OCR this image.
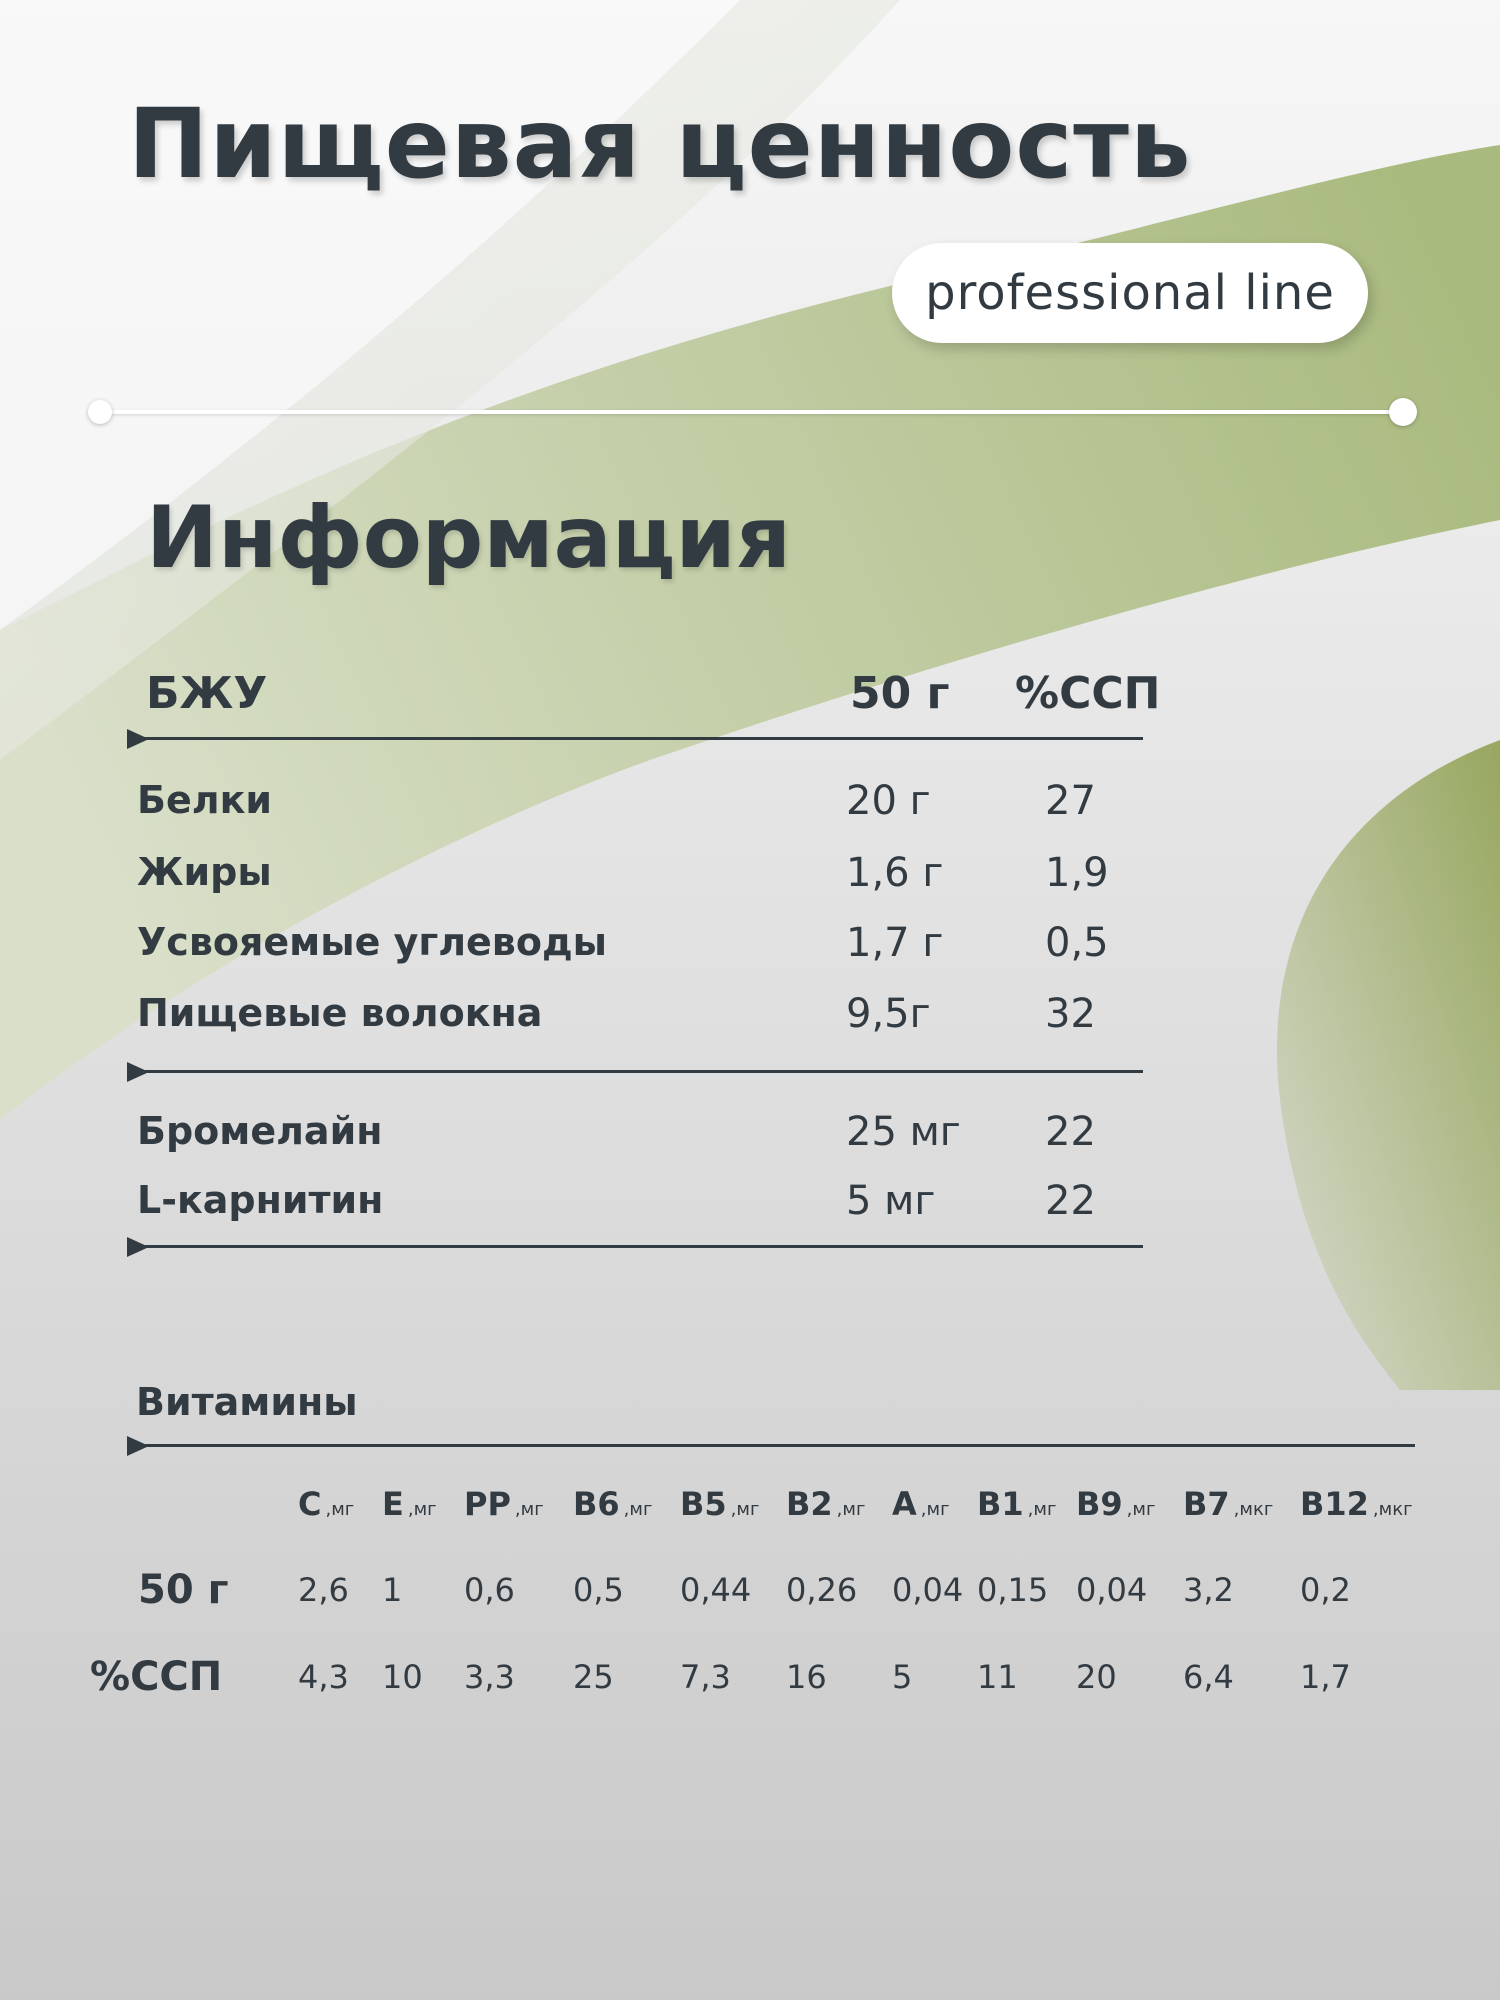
Пищевая ценность
professional line
Информация
БЖУ	50 г %ССП
Белки	20 г	27
Жиры	1,6 г	1,9
Усвояемые углеводы	1,7 г	0,5
Пищевые волокна	9,5г	32
Бромелайн	25 мг 22
L-карнитин	5 мг	22
Витамины
C ,мг E ,мг PP ,мг B6 ,мг B5 ,мг B2 ,мг A ,мг B1 ,мг B9 ,мг B7 ,мкг B12 ,мкг
50 г 2,6 1 0,6 0,5 0,44 0,26 0,04 0,15 0,04 3,2 0,2
%ССП 4,3 10 3,3 25 7,3 16 5 11 20 6,4 1,7
